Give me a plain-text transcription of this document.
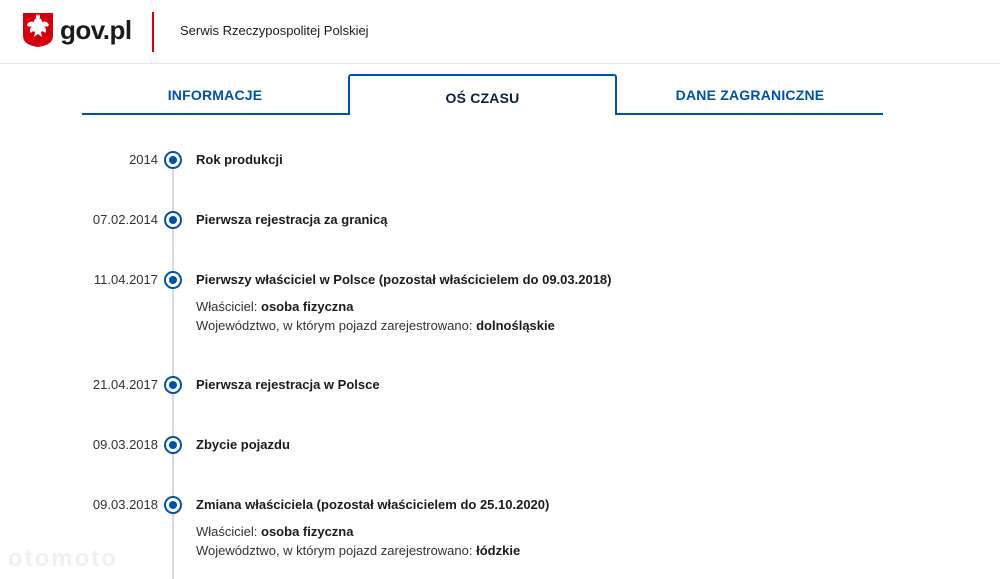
gov.pl	Serwis Rzeczypospolitej Polskiej
INFORMACJE	OŚ CZASU	DANE ZAGRANICZNE
2014	Rok produkcji
07.02.2014	Pierwsza rejestracja za granicą
11.04.2017	Pierwszy właściciel w Polsce (pozostał właścicielem do 09.03.2018)
Właściciel: osoba fizyczna
Województwo, w którym pojazd zarejestrowano: dolnośląskie
21.04.2017	Pierwsza rejestracja w Polsce
09.03.2018	Zbycie pojazdu
09.03.2018	Zmiana właściciela (pozostał właścicielem do 25.10.2020)
Właściciel: osoba fizyczna
Województwo, w którym pojazd zarejestrowano: łódzkie
otomoto
